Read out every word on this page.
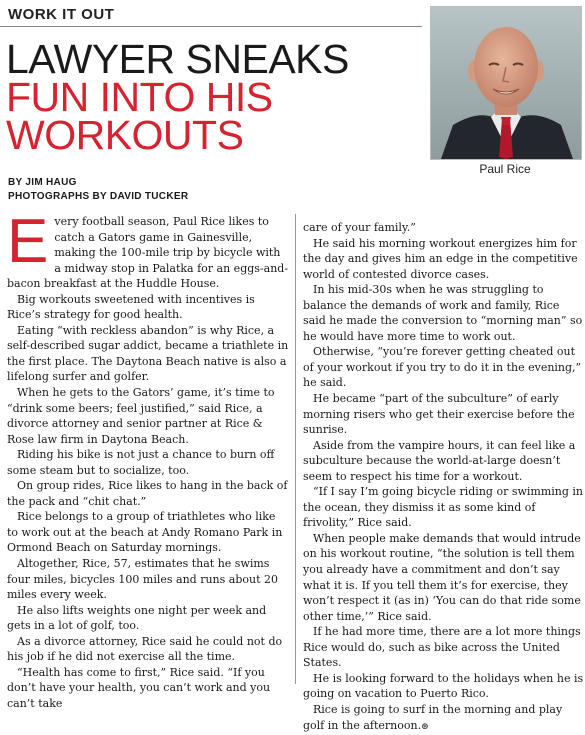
WORK IT OUT
LAWYER SNEAKS
FUN INTO HIS
WORKOUTS
Paul Rice
BY JIM HAUG
PHOTOGRAPHS BY DAVID TUCKER

Every football season, Paul Rice likes to catch a Gators game in Gainesville, making the 100-mile trip by bicycle with a midway stop in Palatka for an eggs-and-bacon breakfast at the Huddle House.

Big workouts sweetened with incentives is Rice’s strategy for good health.

Eating “with reckless abandon” is why Rice, a self-described sugar addict, became a triathlete in the first place. The Daytona Beach native is also a lifelong surfer and golfer.

When he gets to the Gators’ game, it’s time to “drink some beers; feel justified,” said Rice, a divorce attorney and senior partner at Rice & Rose law firm in Daytona Beach.

Riding his bike is not just a chance to burn off some steam but to socialize, too.

On group rides, Rice likes to hang in the back of the pack and “chit chat.”

Rice belongs to a group of triathletes who like to work out at the beach at Andy Romano Park in Ormond Beach on Saturday mornings.

Altogether, Rice, 57, estimates that he swims four miles, bicycles 100 miles and runs about 20 miles every week.

He also lifts weights one night per week and gets in a lot of golf, too.

As a divorce attorney, Rice said he could not do his job if he did not exercise all the time.

“Health has come to first,” Rice said. “If you don’t have your health, you can’t work and you can’t take

care of your family.”

He said his morning workout energizes him for the day and gives him an edge in the competitive world of contested divorce cases.

In his mid-30s when he was struggling to balance the demands of work and family, Rice said he made the conversion to “morning man” so he would have more time to work out.

Otherwise, “you’re forever getting cheated out of your workout if you try to do it in the evening,” he said.

He became “part of the subculture” of early morning risers who get their exercise before the sunrise.

Aside from the vampire hours, it can feel like a subculture because the world-at-large doesn’t seem to respect his time for a workout.

“If I say I’m going bicycle riding or swimming in the ocean, they dismiss it as some kind of frivolity,” Rice said.

When people make demands that would intrude on his workout routine, “the solution is tell them you already have a commitment and don’t say what it is. If you tell them it’s for exercise, they won’t respect it (as in) ‘You can do that ride some other time,’” Rice said.

If he had more time, there are a lot more things Rice would do, such as bike across the United States.

He is looking forward to the holidays when he is going on vacation to Puerto Rico.

Rice is going to surf in the morning and play golf in the afternoon.⊛
